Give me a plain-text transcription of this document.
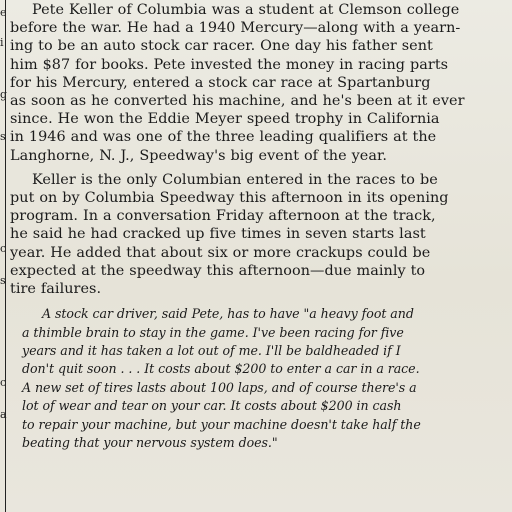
e
i
g
s
c
s
c
a

Pete Keller of Columbia was a student at Clemson college
before the war. He had a 1940 Mercury—along with a yearn-
ing to be an auto stock car racer. One day his father sent
him $87 for books. Pete invested the money in racing parts
for his Mercury, entered a stock car race at Spartanburg
as soon as he converted his machine, and he's been at it ever
since. He won the Eddie Meyer speed trophy in California
in 1946 and was one of the three leading qualifiers at the
Langhorne, N. J., Speedway's big event of the year.

Keller is the only Columbian entered in the races to be
put on by Columbia Speedway this afternoon in its opening
program. In a conversation Friday afternoon at the track,
he said he had cracked up five times in seven starts last
year. He added that about six or more crackups could be
expected at the speedway this afternoon—due mainly to
tire failures.

A stock car driver, said Pete, has to have "a heavy foot and
a thimble brain to stay in the game. I've been racing for five
years and it has taken a lot out of me. I'll be baldheaded if I
don't quit soon . . . It costs about $200 to enter a car in a race.
A new set of tires lasts about 100 laps, and of course there's a
lot of wear and tear on your car. It costs about $200 in cash
to repair your machine, but your machine doesn't take half the
beating that your nervous system does."
